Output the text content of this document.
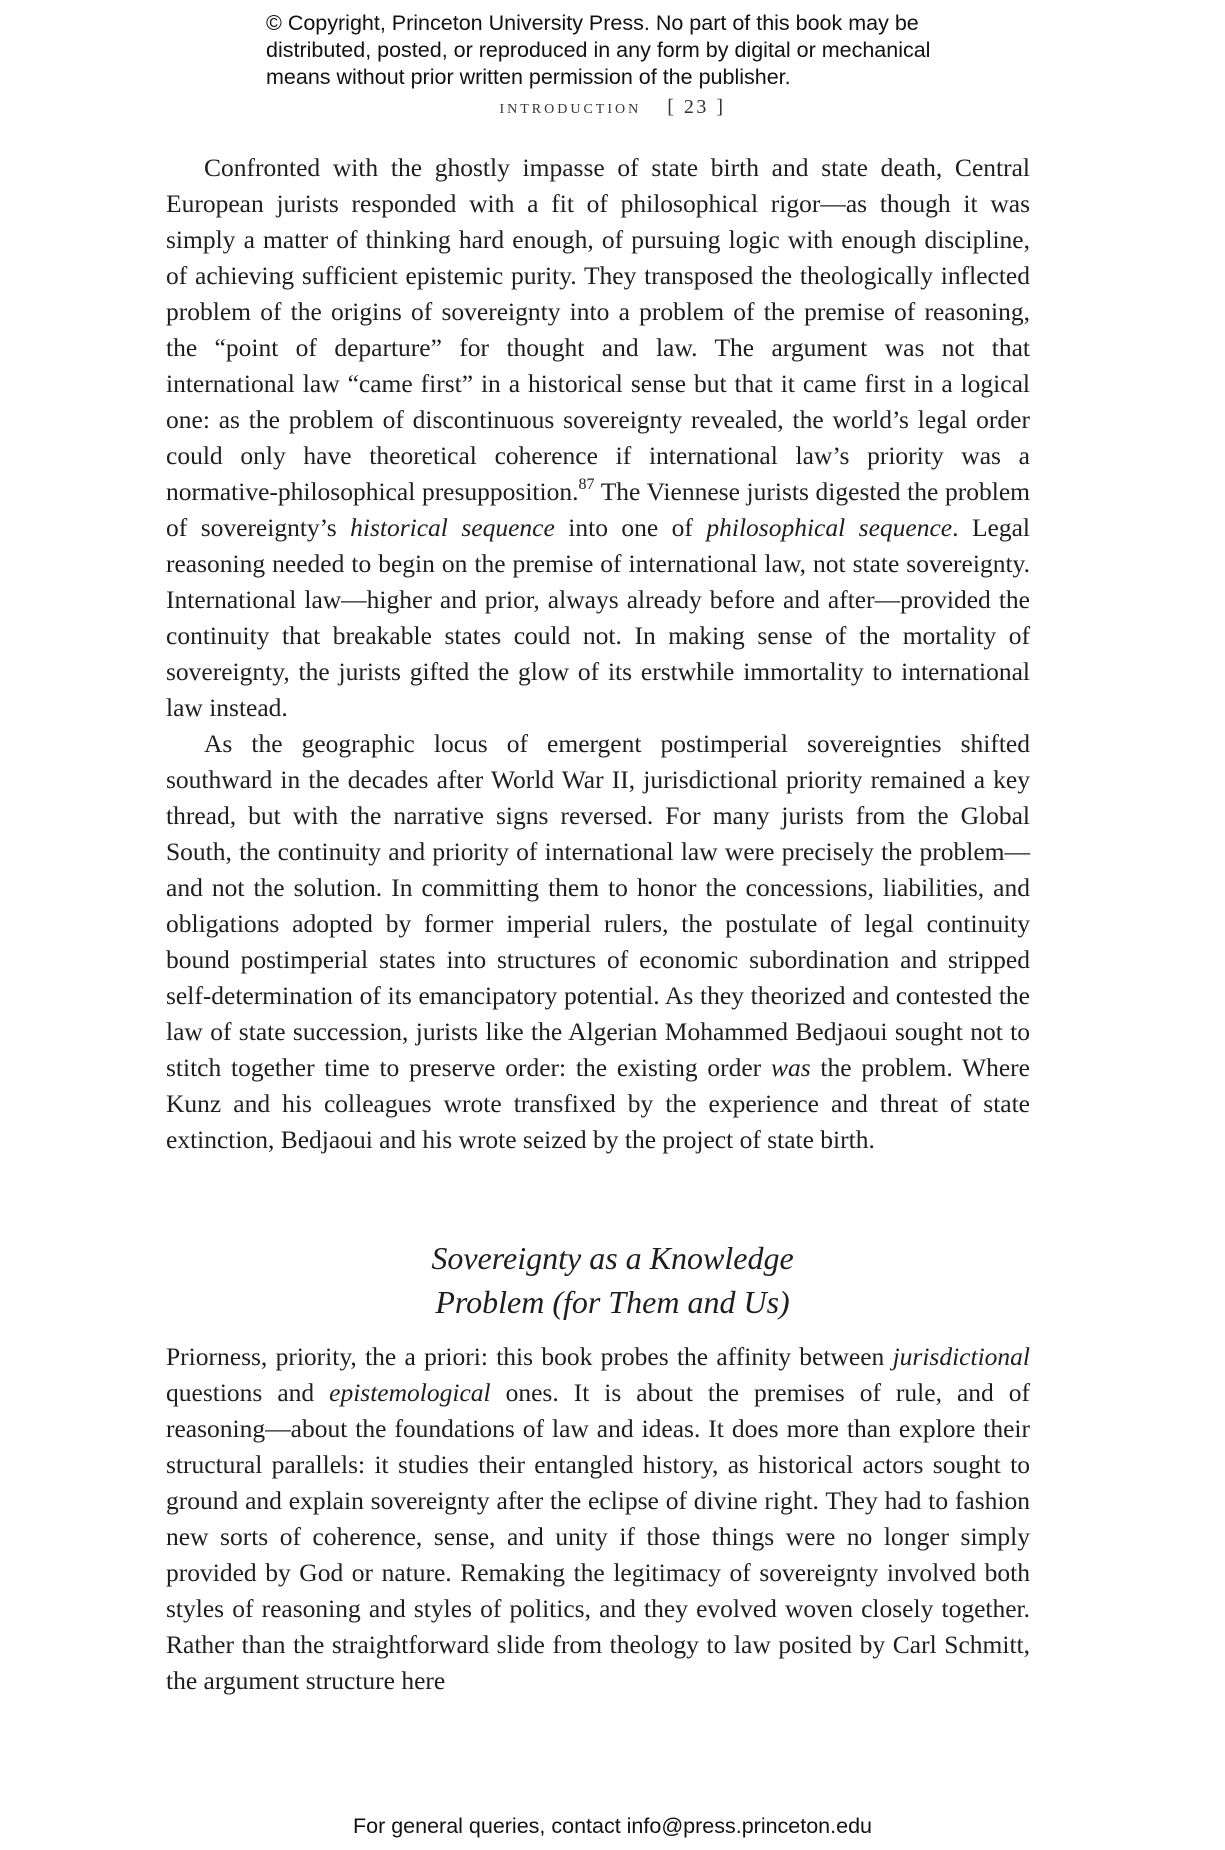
© Copyright, Princeton University Press. No part of this book may be
distributed, posted, or reproduced in any form by digital or mechanical
means without prior written permission of the publisher.
introduction [ 23 ]

Confronted with the ghostly impasse of state birth and state death, Central European jurists responded with a fit of philosophical rigor—as though it was simply a matter of thinking hard enough, of pursuing logic with enough discipline, of achieving sufficient epistemic purity. They transposed the theologically inflected problem of the origins of sovereignty into a problem of the premise of reasoning, the “point of departure” for thought and law. The argument was not that international law “came first” in a historical sense but that it came first in a logical one: as the problem of discontinuous sovereignty revealed, the world’s legal order could only have theoretical coherence if international law’s priority was a normative-philosophical presupposition.$^{87}$ The Viennese jurists digested the problem of sovereignty’s historical sequence into one of philosophical sequence. Legal reasoning needed to begin on the premise of international law, not state sovereignty. International law—higher and prior, always already before and after—provided the continuity that breakable states could not. In making sense of the mortality of sovereignty, the jurists gifted the glow of its erstwhile immortality to international law instead.

As the geographic locus of emergent postimperial sovereignties shifted southward in the decades after World War II, jurisdictional priority remained a key thread, but with the narrative signs reversed. For many jurists from the Global South, the continuity and priority of international law were precisely the problem—and not the solution. In committing them to honor the concessions, liabilities, and obligations adopted by former imperial rulers, the postulate of legal continuity bound postimperial states into structures of economic subordination and stripped self-determination of its emancipatory potential. As they theorized and contested the law of state succession, jurists like the Algerian Mohammed Bedjaoui sought not to stitch together time to preserve order: the existing order was the problem. Where Kunz and his colleagues wrote transfixed by the experience and threat of state extinction, Bedjaoui and his wrote seized by the project of state birth.

Sovereignty as a Knowledge
Problem (for Them and Us)

Priorness, priority, the a priori: this book probes the affinity between jurisdictional questions and epistemological ones. It is about the premises of rule, and of reasoning—about the foundations of law and ideas. It does more than explore their structural parallels: it studies their entangled history, as historical actors sought to ground and explain sovereignty after the eclipse of divine right. They had to fashion new sorts of coherence, sense, and unity if those things were no longer simply provided by God or nature. Remaking the legitimacy of sovereignty involved both styles of reasoning and styles of politics, and they evolved woven closely together. Rather than the straightforward slide from theology to law posited by Carl Schmitt, the argument structure here

For general queries, contact info@press.princeton.edu
